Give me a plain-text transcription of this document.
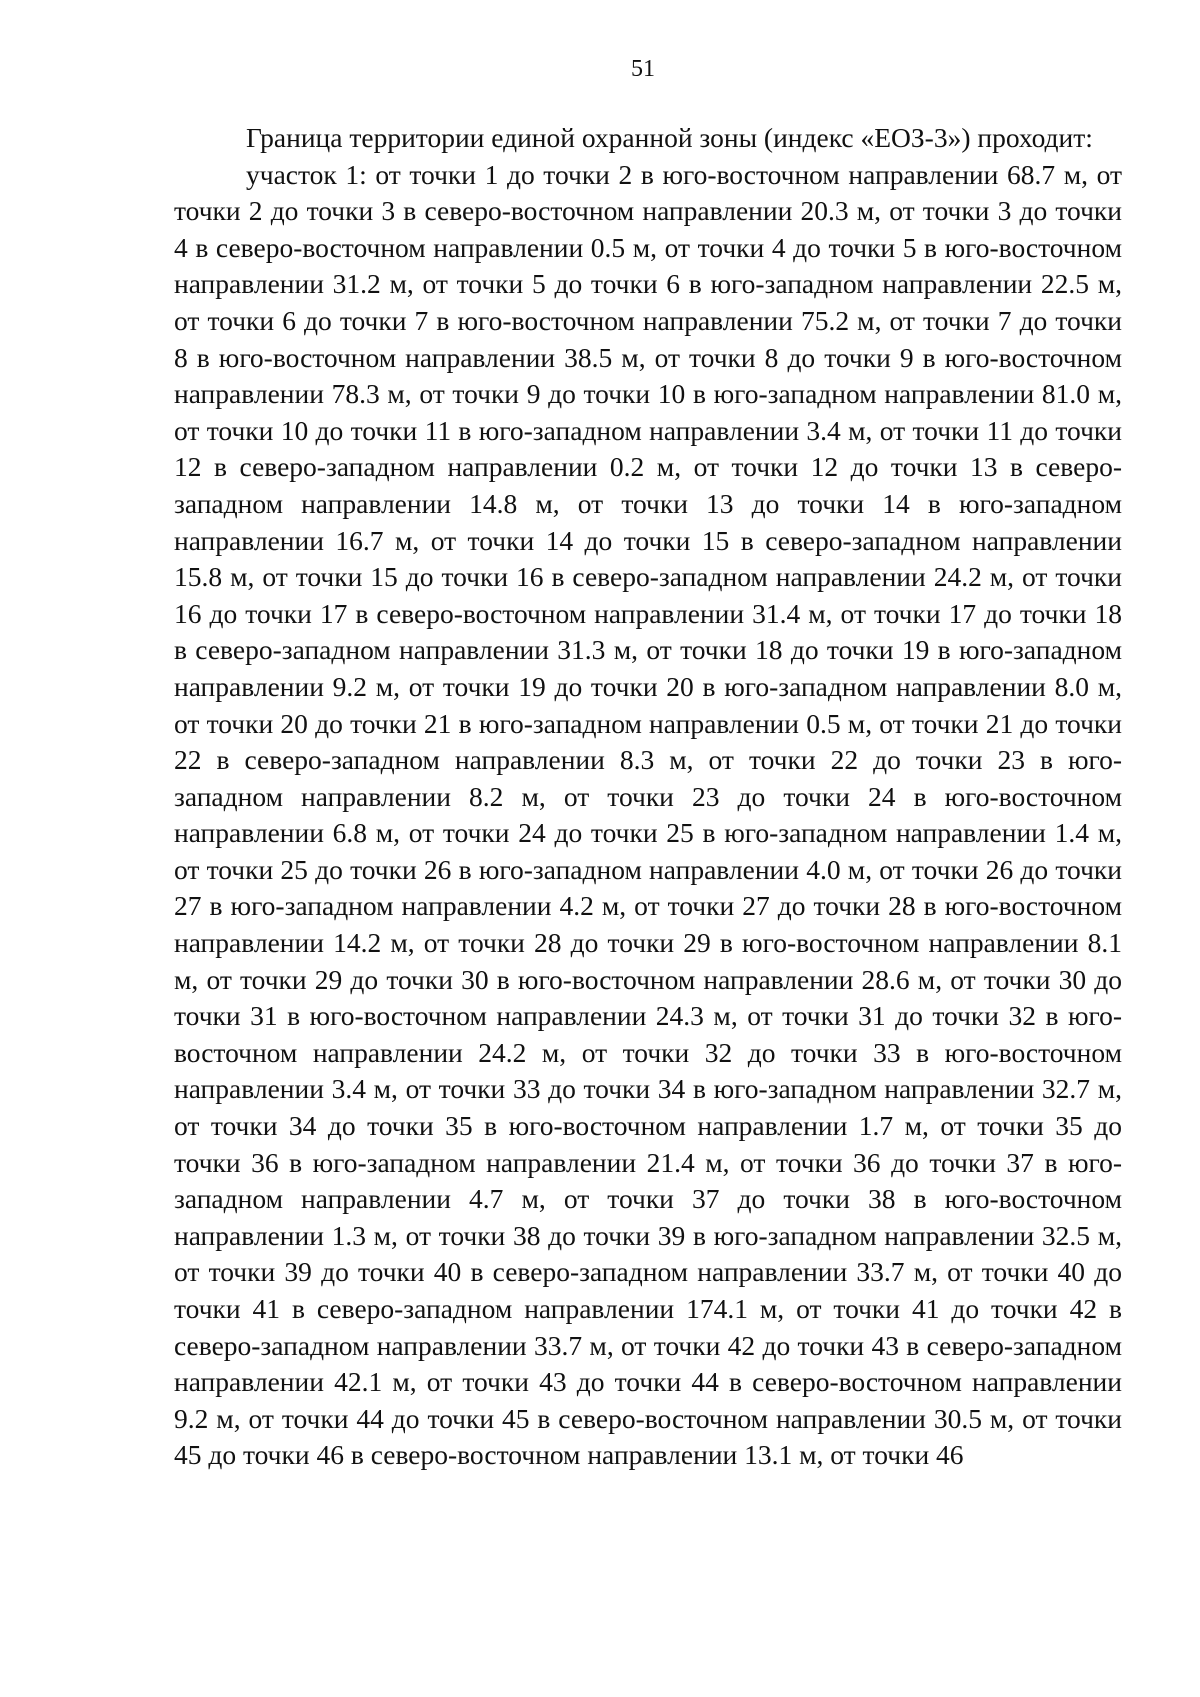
51

Граница территории единой охранной зоны (индекс «ЕОЗ-3») проходит:

участок 1: от точки 1 до точки 2 в юго-восточном направлении 68.7 м, от точки 2 до точки 3 в северо-восточном направлении 20.3 м, от точки 3 до точки 4 в северо-восточном направлении 0.5 м, от точки 4 до точки 5 в юго-восточном направлении 31.2 м, от точки 5 до точки 6 в юго-западном направлении 22.5 м, от точки 6 до точки 7 в юго-восточном направлении 75.2 м, от точки 7 до точки 8 в юго-восточном направлении 38.5 м, от точки 8 до точки 9 в юго-восточном направлении 78.3 м, от точки 9 до точки 10 в юго-западном направлении 81.0 м, от точки 10 до точки 11 в юго-западном направлении 3.4 м, от точки 11 до точки 12 в северо-западном направлении 0.2 м, от точки 12 до точки 13 в северо-западном направлении 14.8 м, от точки 13 до точки 14 в юго-западном направлении 16.7 м, от точки 14 до точки 15 в северо-западном направлении 15.8 м, от точки 15 до точки 16 в северо-западном направлении 24.2 м, от точки 16 до точки 17 в северо-восточном направлении 31.4 м, от точки 17 до точки 18 в северо-западном направлении 31.3 м, от точки 18 до точки 19 в юго-западном направлении 9.2 м, от точки 19 до точки 20 в юго-западном направлении 8.0 м, от точки 20 до точки 21 в юго-западном направлении 0.5 м, от точки 21 до точки 22 в северо-западном направлении 8.3 м, от точки 22 до точки 23 в юго-западном направлении 8.2 м, от точки 23 до точки 24 в юго-восточном направлении 6.8 м, от точки 24 до точки 25 в юго-западном направлении 1.4 м, от точки 25 до точки 26 в юго-западном направлении 4.0 м, от точки 26 до точки 27 в юго-западном направлении 4.2 м, от точки 27 до точки 28 в юго-восточном направлении 14.2 м, от точки 28 до точки 29 в юго-восточном направлении 8.1 м, от точки 29 до точки 30 в юго-восточном направлении 28.6 м, от точки 30 до точки 31 в юго-восточном направлении 24.3 м, от точки 31 до точки 32 в юго-восточном направлении 24.2 м, от точки 32 до точки 33 в юго-восточном направлении 3.4 м, от точки 33 до точки 34 в юго-западном направлении 32.7 м, от точки 34 до точки 35 в юго-восточном направлении 1.7 м, от точки 35 до точки 36 в юго-западном направлении 21.4 м, от точки 36 до точки 37 в юго-западном направлении 4.7 м, от точки 37 до точки 38 в юго-восточном направлении 1.3 м, от точки 38 до точки 39 в юго-западном направлении 32.5 м, от точки 39 до точки 40 в северо-западном направлении 33.7 м, от точки 40 до точки 41 в северо-западном направлении 174.1 м, от точки 41 до точки 42 в северо-западном направлении 33.7 м, от точки 42 до точки 43 в северо-западном направлении 42.1 м, от точки 43 до точки 44 в северо-восточном направлении 9.2 м, от точки 44 до точки 45 в северо-восточном направлении 30.5 м, от точки 45 до точки 46 в северо-восточном направлении 13.1 м, от точки 46
